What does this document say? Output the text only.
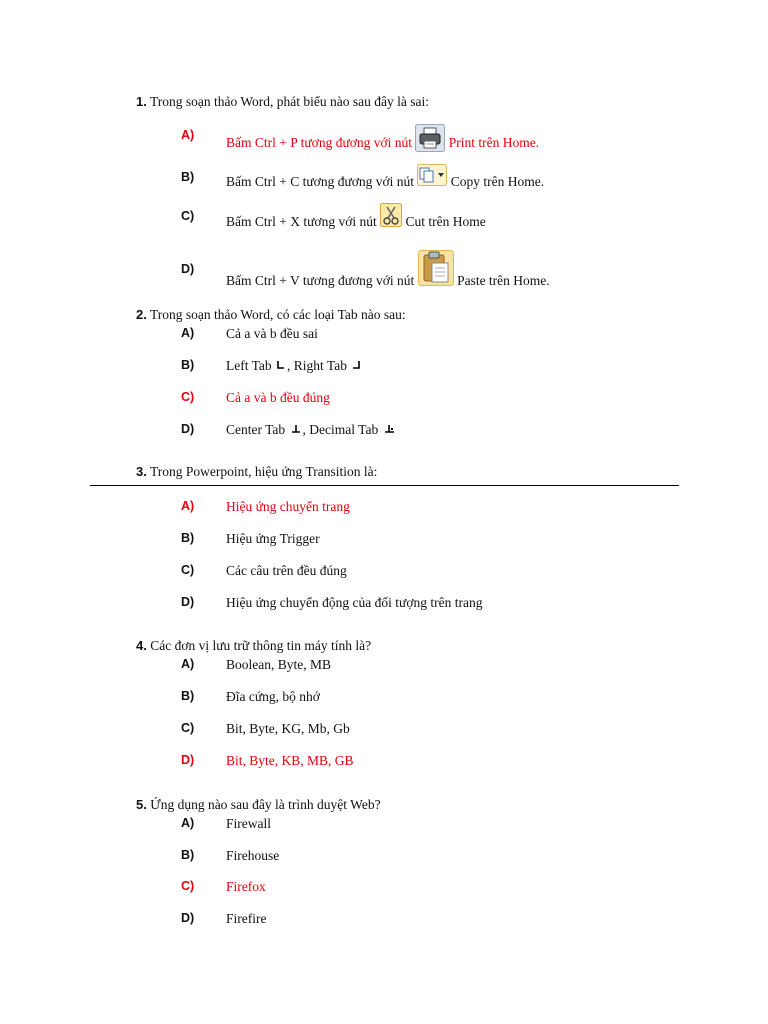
1. Trong soạn thảo Word, phát biểu nào sau đây là sai:
A)
Bấm Ctrl + P tương đương với nút	Print trên Home.
B)	Bấm Ctrl + C tương đương với nút	Copy trên Home.
C)	Bấm Ctrl + X tương với nút Cut trên Home
D)
Bấm Ctrl + V tương đương với nút	Paste trên Home.
2. Trong soạn thảo Word, có các loại Tab nào sau:
A)	Cả a và b đều sai
B)	Left Tab , Right Tab
C)	Cả a và b đều đúng
D)	Center Tab , Decimal Tab
3. Trong Powerpoint, hiệu ứng Transition là:
A)	Hiệu ứng chuyển trang
B)	Hiệu ứng Trigger
C)	Các câu trên đều đúng
D)	Hiệu ứng chuyển động của đối tượng trên trang
4. Các đơn vị lưu trữ thông tin máy tính là?
A)	Boolean, Byte, MB
B)	Đĩa cứng, bộ nhớ
C)	Bit, Byte, KG, Mb, Gb
D)	Bit, Byte, KB, MB, GB
5. Ứng dụng nào sau đây là trình duyệt Web?
A)	Firewall
B)	Firehouse
C)	Firefox
D)	Firefire
